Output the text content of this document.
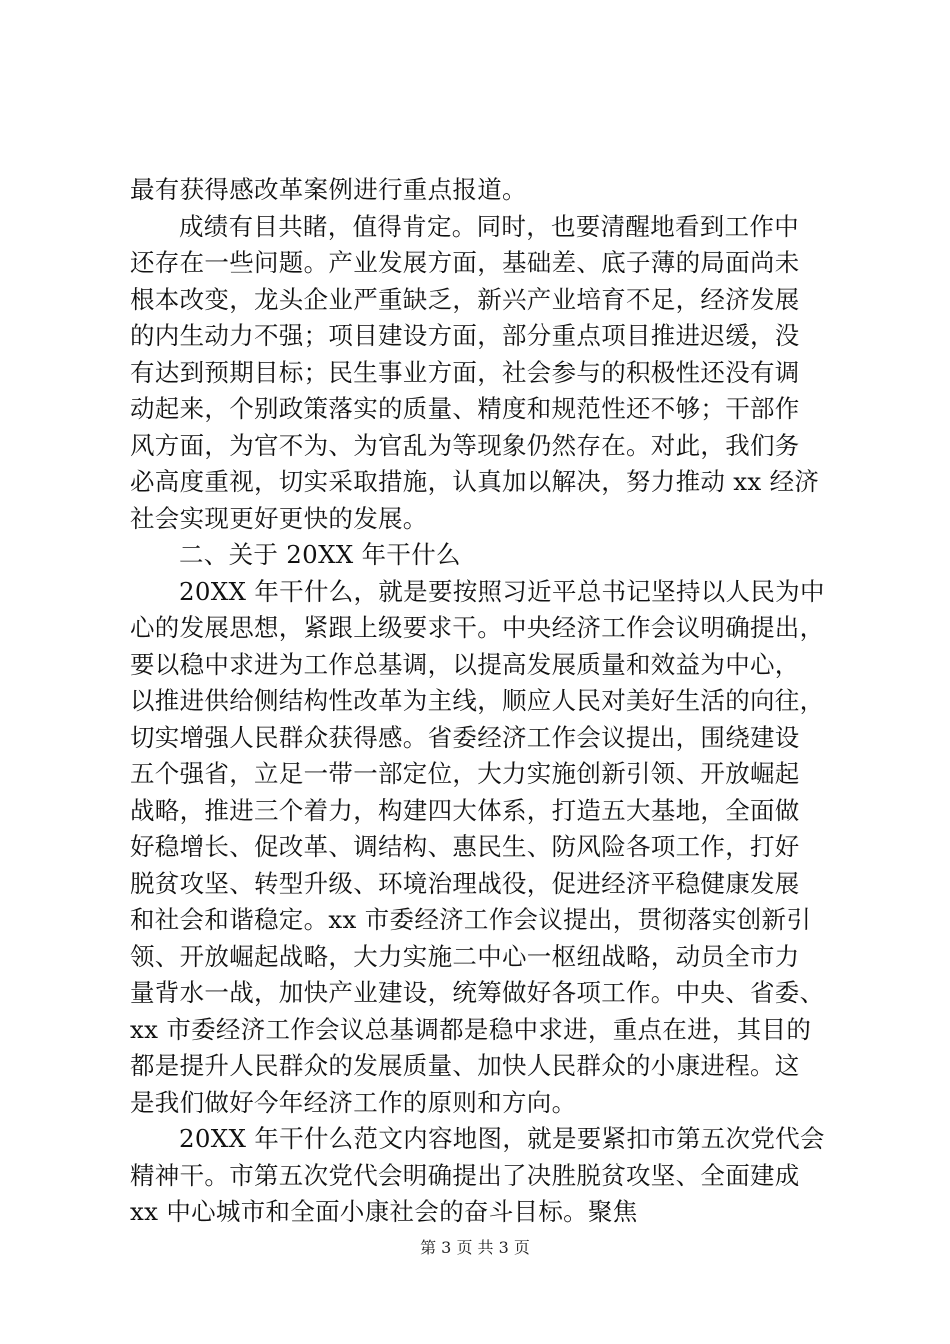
最有获得感改革案例进行重点报道。
成绩有目共睹，值得肯定。同时，也要清醒地看到工作中
还存在一些问题。产业发展方面，基础差、底子薄的局面尚未
根本改变，龙头企业严重缺乏，新兴产业培育不足，经济发展
的内生动力不强；项目建设方面，部分重点项目推进迟缓，没
有达到预期目标；民生事业方面，社会参与的积极性还没有调
动起来，个别政策落实的质量、精度和规范性还不够；干部作
风方面，为官不为、为官乱为等现象仍然存在。对此，我们务
必高度重视，切实采取措施，认真加以解决，努力推动 xx 经济
社会实现更好更快的发展。
二、关于 20XX 年干什么
20XX 年干什么，就是要按照习近平总书记坚持以人民为中
心的发展思想，紧跟上级要求干。中央经济工作会议明确提出，
要以稳中求进为工作总基调，以提高发展质量和效益为中心，
以推进供给侧结构性改革为主线，顺应人民对美好生活的向往，
切实增强人民群众获得感。省委经济工作会议提出，围绕建设
五个强省，立足一带一部定位，大力实施创新引领、开放崛起
战略，推进三个着力，构建四大体系，打造五大基地，全面做
好稳增长、促改革、调结构、惠民生、防风险各项工作，打好
脱贫攻坚、转型升级、环境治理战役，促进经济平稳健康发展
和社会和谐稳定。xx 市委经济工作会议提出，贯彻落实创新引
领、开放崛起战略，大力实施二中心一枢纽战略，动员全市力
量背水一战，加快产业建设，统筹做好各项工作。中央、省委、
xx 市委经济工作会议总基调都是稳中求进，重点在进，其目的
都是提升人民群众的发展质量、加快人民群众的小康进程。这
是我们做好今年经济工作的原则和方向。
20XX 年干什么范文内容地图，就是要紧扣市第五次党代会
精神干。市第五次党代会明确提出了决胜脱贫攻坚、全面建成
xx 中心城市和全面小康社会的奋斗目标。聚焦
第 3 页 共 3 页
